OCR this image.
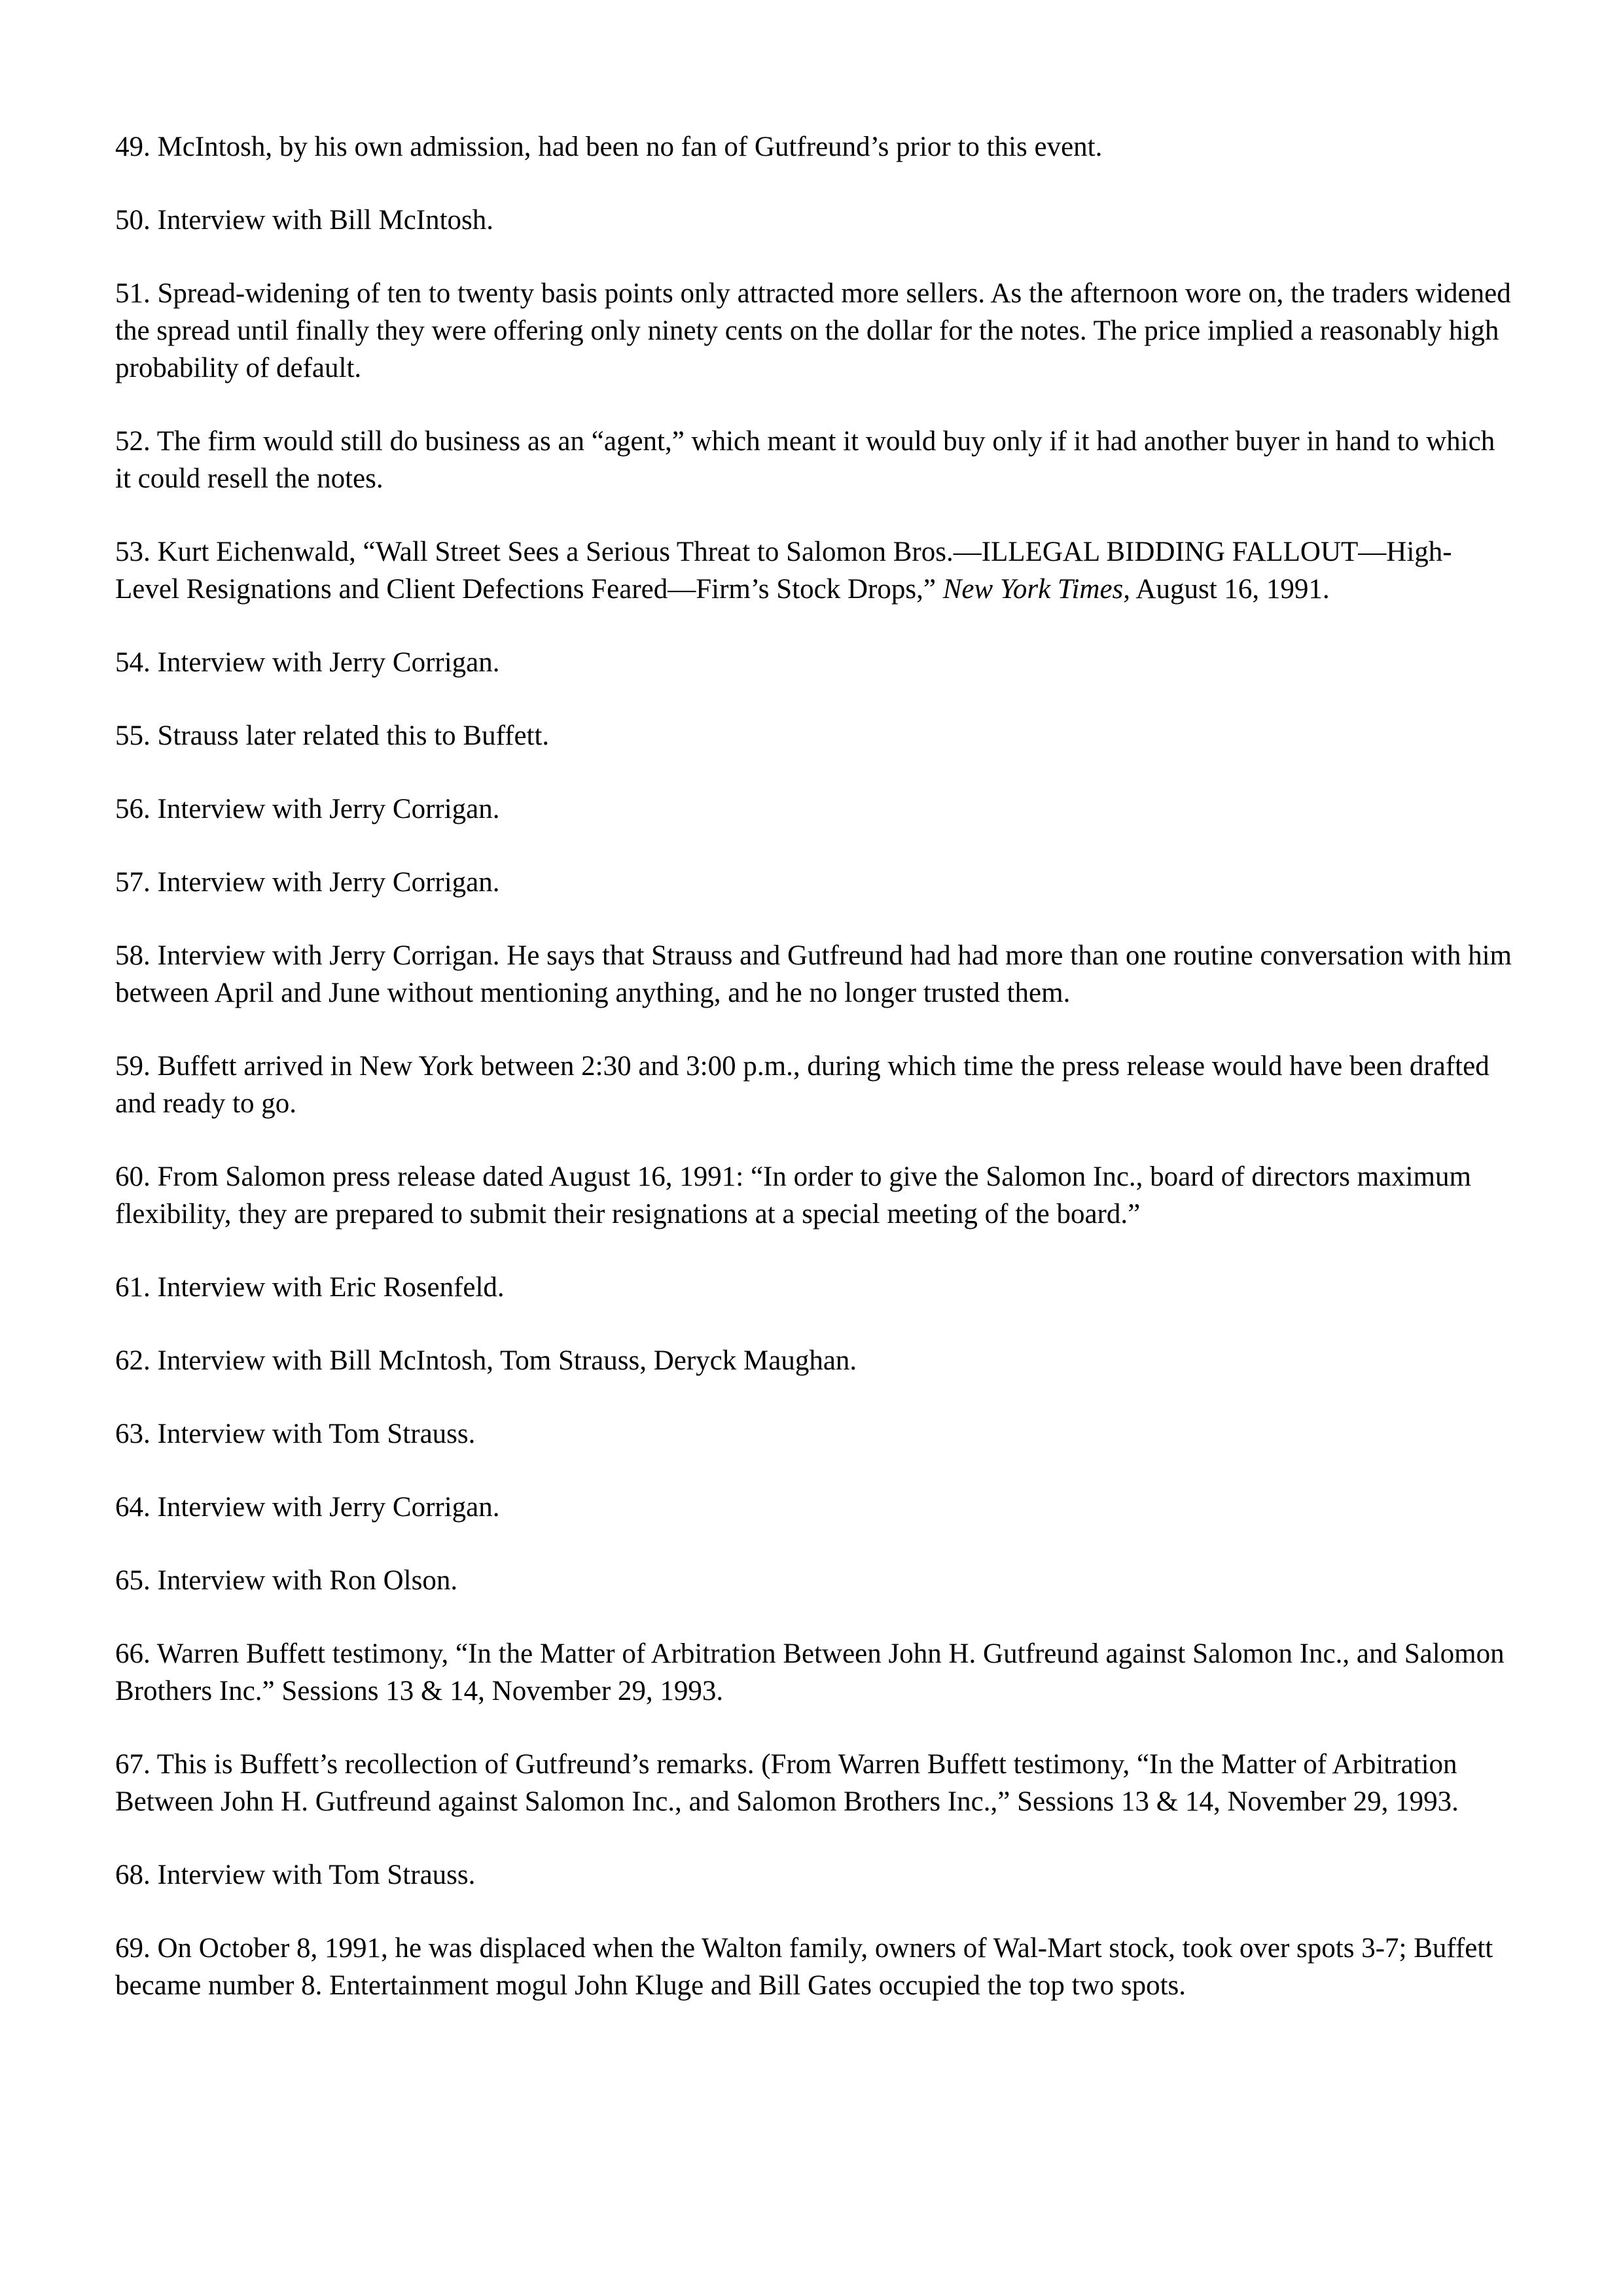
49. McIntosh, by his own admission, had been no fan of Gutfreund’s prior to this event.

50. Interview with Bill McIntosh.

51. Spread-widening of ten to twenty basis points only attracted more sellers. As the afternoon wore on, the traders widened the spread until finally they were offering only ninety cents on the dollar for the notes. The price implied a reasonably high probability of default.

52. The firm would still do business as an “agent,” which meant it would buy only if it had another buyer in hand to which it could resell the notes.

53. Kurt Eichenwald, “Wall Street Sees a Serious Threat to Salomon Bros.—ILLEGAL BIDDING FALLOUT—High-Level Resignations and Client Defections Feared—Firm’s Stock Drops,” New York Times, August 16, 1991.

54. Interview with Jerry Corrigan.

55. Strauss later related this to Buffett.

56. Interview with Jerry Corrigan.

57. Interview with Jerry Corrigan.

58. Interview with Jerry Corrigan. He says that Strauss and Gutfreund had had more than one routine conversation with him between April and June without mentioning anything, and he no longer trusted them.

59. Buffett arrived in New York between 2:30 and 3:00 p.m., during which time the press release would have been drafted and ready to go.

60. From Salomon press release dated August 16, 1991: “In order to give the Salomon Inc., board of directors maximum flexibility, they are prepared to submit their resignations at a special meeting of the board.”

61. Interview with Eric Rosenfeld.

62. Interview with Bill McIntosh, Tom Strauss, Deryck Maughan.

63. Interview with Tom Strauss.

64. Interview with Jerry Corrigan.

65. Interview with Ron Olson.

66. Warren Buffett testimony, “In the Matter of Arbitration Between John H. Gutfreund against Salomon Inc., and Salomon Brothers Inc.” Sessions 13 & 14, November 29, 1993.

67. This is Buffett’s recollection of Gutfreund’s remarks. (From Warren Buffett testimony, “In the Matter of Arbitration Between John H. Gutfreund against Salomon Inc., and Salomon Brothers Inc.,” Sessions 13 & 14, November 29, 1993.

68. Interview with Tom Strauss.

69. On October 8, 1991, he was displaced when the Walton family, owners of Wal-Mart stock, took over spots 3-7; Buffett became number 8. Entertainment mogul John Kluge and Bill Gates occupied the top two spots.
